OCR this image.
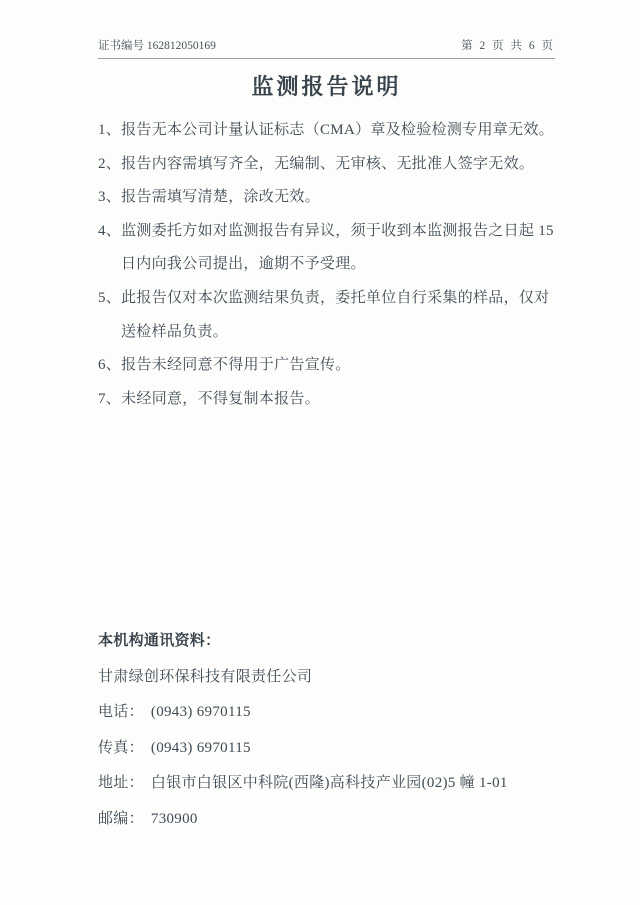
证书编号 162812050169	第 2 页 共 6 页
监测报告说明
1、报告无本公司计量认证标志（CMA）章及检验检测专用章无效。
2、报告内容需填写齐全，无编制、无审核、无批准人签字无效。
3、报告需填写清楚，涂改无效。
4、监测委托方如对监测报告有异议，须于收到本监测报告之日起 15
日内向我公司提出，逾期不予受理。
5、此报告仅对本次监测结果负责，委托单位自行采集的样品，仅对
送检样品负责。
6、报告未经同意不得用于广告宣传。
7、未经同意，不得复制本报告。
本机构通讯资料：
甘肃绿创环保科技有限责任公司
电话： (0943) 6970115
传真： (0943) 6970115
地址： 白银市白银区中科院(西隆)高科技产业园(02)5 幢 1-01
邮编： 730900
